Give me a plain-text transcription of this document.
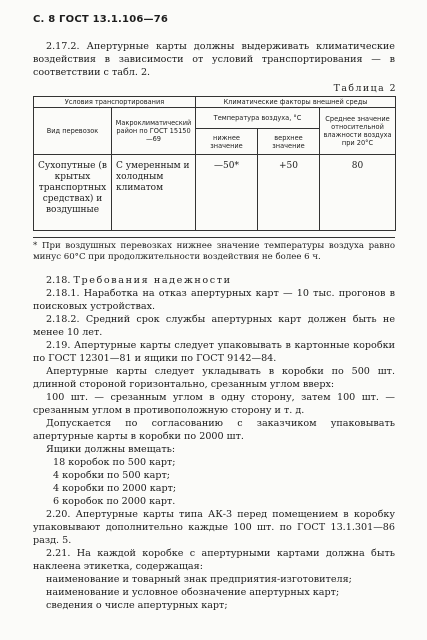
С. 8 ГОСТ 13.1.106—76

2.17.2. Апертурные карты должны выдерживать климатические воздействия в зависимости от условий транспортирования — в соответствии с табл. 2.

Таблица 2
Условия транспортирования		Климатические факторы внешней среды		
Вид перевозок	Макроклиматический район по ГОСТ 15150—69	Температура воздуха, °С		Среднее значение относительной влажности воздуха при 20°С
		нижнее значение	верхнее значение	
Сухопутные (в крытых транспортных средствах) и воздушные	С умеренным и холодным климатом	—50*	+50	80
* При воздушных перевозках нижнее значение температуры воздуха равно минус 60°С при продолжительности воздействия не более 6 ч.

2.18. Требования надежности

2.18.1. Наработка на отказ апертурных карт — 10 тыс. прогонов в поисковых устройствах.

2.18.2. Средний срок службы апертурных карт должен быть не менее 10 лет.

2.19. Апертурные карты следует упаковывать в картонные коробки по ГОСТ 12301—81 и ящики по ГОСТ 9142—84.

Апертурные карты следует укладывать в коробки по 500 шт. длинной стороной горизонтально, срезанным углом вверх:

100 шт. — срезанным углом в одну сторону, затем 100 шт. — срезанным углом в противоположную сторону и т. д.

Допускается по согласованию с заказчиком упаковывать апертурные карты в коробки по 2000 шт.

Ящики должны вмещать:

18 коробок по 500 карт;
4 коробки по 500 карт;
4 коробки по 2000 карт;
6 коробок по 2000 карт.

2.20. Апертурные карты типа АК-3 перед помещением в коробку упаковывают дополнительно каждые 100 шт. по ГОСТ 13.1.301—86 разд. 5.

2.21. На каждой коробке с апертурными картами должна быть наклеена этикетка, содержащая:

наименование и товарный знак предприятия-изготовителя;

наименование и условное обозначение апертурных карт;

сведения о числе апертурных карт;
